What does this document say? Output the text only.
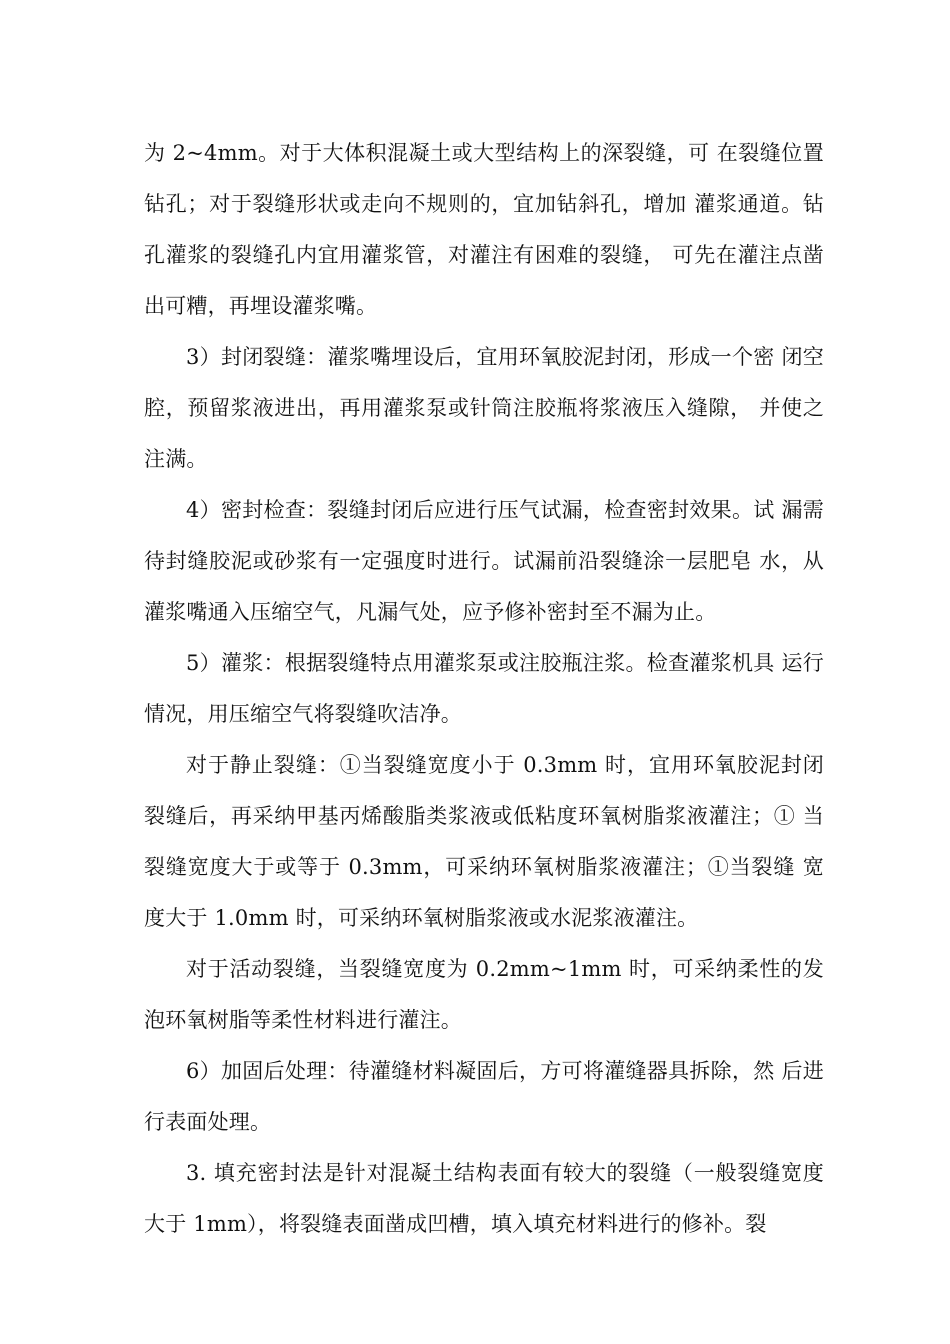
为 2~4mm。对于大体积混凝土或大型结构上的深裂缝，可 在裂缝位置钻孔；对于裂缝形状或走向不规则的，宜加钻斜孔，增加 灌浆通道。钻孔灌浆的裂缝孔内宜用灌浆管，对灌注有困难的裂缝， 可先在灌注点凿出可糟，再埋设灌浆嘴。

3）封闭裂缝：灌浆嘴埋设后，宜用环氧胶泥封闭，形成一个密 闭空腔，预留浆液进出，再用灌浆泵或针筒注胶瓶将浆液压入缝隙， 并使之注满。

4）密封检查：裂缝封闭后应进行压气试漏，检查密封效果。试 漏需待封缝胶泥或砂浆有一定强度时进行。试漏前沿裂缝涂一层肥皂 水，从灌浆嘴通入压缩空气，凡漏气处，应予修补密封至不漏为止。

5）灌浆：根据裂缝特点用灌浆泵或注胶瓶注浆。检查灌浆机具 运行情况，用压缩空气将裂缝吹洁净。

对于静止裂缝：①当裂缝宽度小于 0.3mm 时，宜用环氧胶泥封闭 裂缝后，再采纳甲基丙烯酸脂类浆液或低粘度环氧树脂浆液灌注；① 当裂缝宽度大于或等于 0.3mm，可采纳环氧树脂浆液灌注；①当裂缝 宽度大于 1.0mm 时，可采纳环氧树脂浆液或水泥浆液灌注。

对于活动裂缝，当裂缝宽度为 0.2mm~1mm 时，可采纳柔性的发 泡环氧树脂等柔性材料进行灌注。

6）加固后处理：待灌缝材料凝固后，方可将灌缝器具拆除，然 后进行表面处理。

3. 填充密封法是针对混凝土结构表面有较大的裂缝（一般裂缝宽度大于 1mm），将裂缝表面凿成凹槽，填入填充材料进行的修补。裂
